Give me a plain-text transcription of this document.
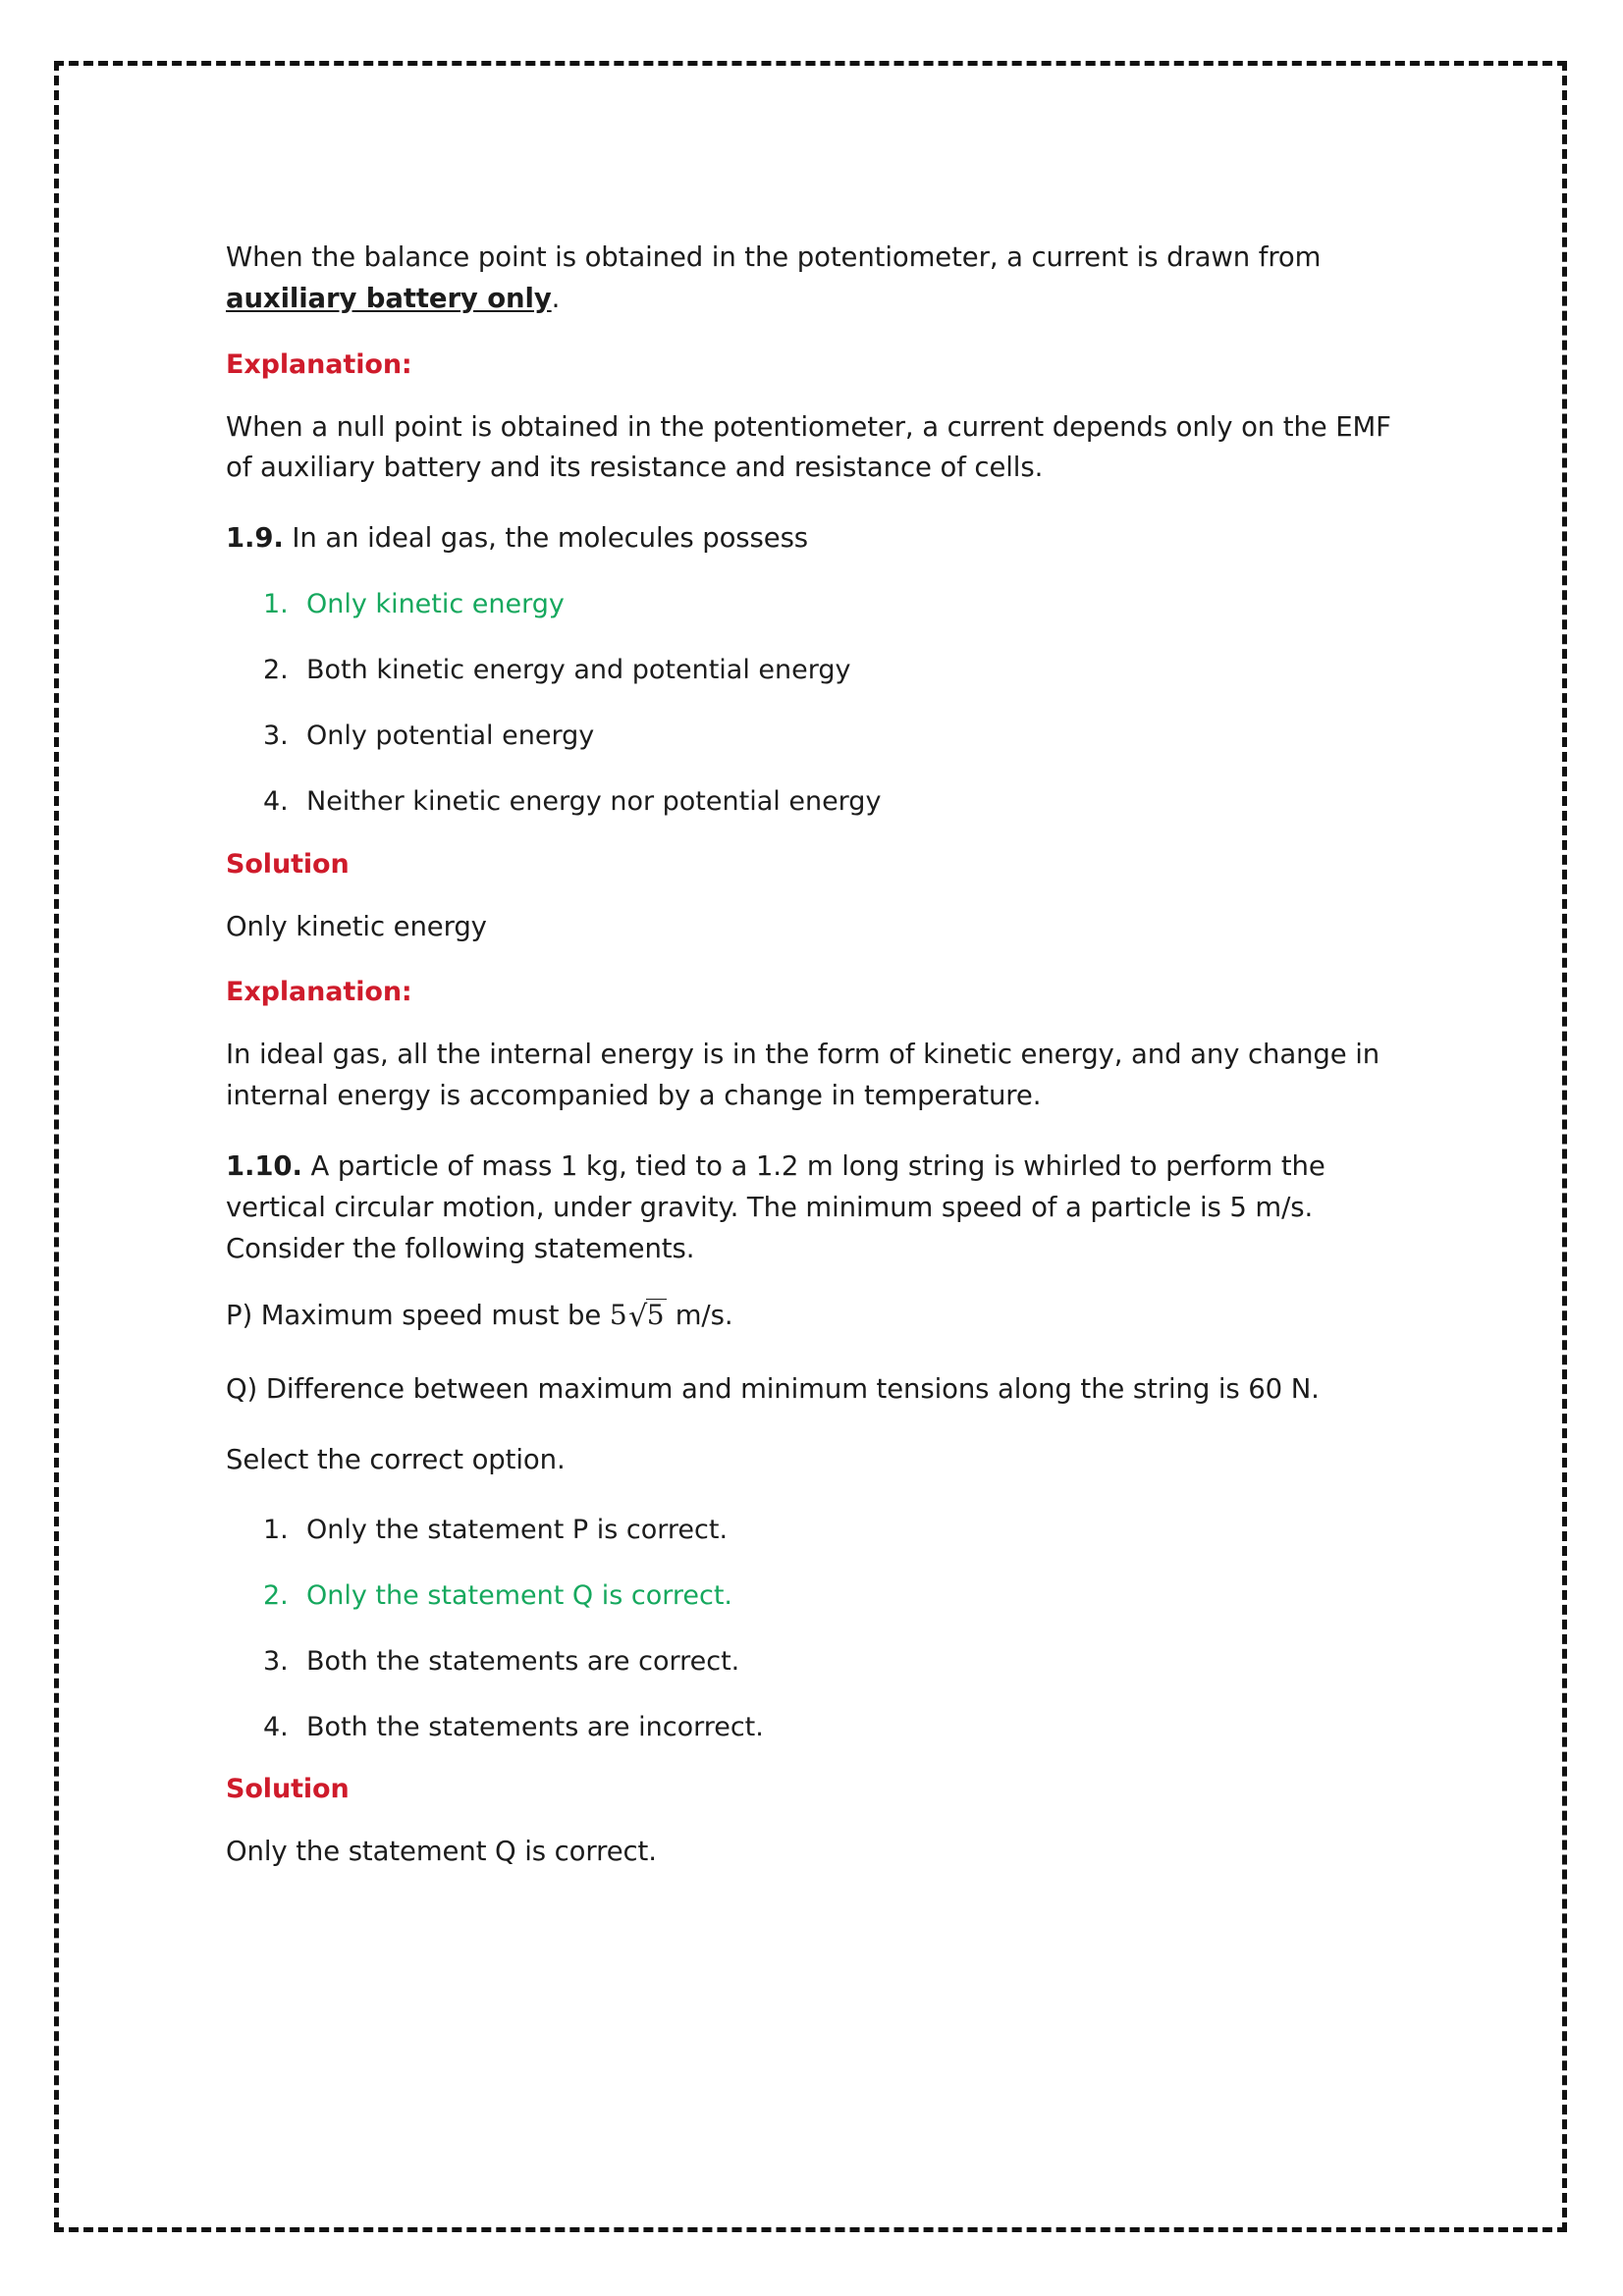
When the balance point is obtained in the potentiometer, a current is drawn from auxiliary battery only.

Explanation:

When a null point is obtained in the potentiometer, a current depends only on the EMF of auxiliary battery and its resistance and resistance of cells.

1.9. In an ideal gas, the molecules possess

1. Only kinetic energy
2. Both kinetic energy and potential energy
3. Only potential energy
4. Neither kinetic energy nor potential energy
Solution

Only kinetic energy

Explanation:

In ideal gas, all the internal energy is in the form of kinetic energy, and any change in internal energy is accompanied by a change in temperature.

1.10. A particle of mass 1 kg, tied to a 1.2 m long string is whirled to perform the vertical circular motion, under gravity. The minimum speed of a particle is 5 m/s. Consider the following statements.

P) Maximum speed must be 5√5 m/s.

Q) Difference between maximum and minimum tensions along the string is 60 N.

Select the correct option.

1. Only the statement P is correct.
2. Only the statement Q is correct.
3. Both the statements are correct.
4. Both the statements are incorrect.
Solution

Only the statement Q is correct.
